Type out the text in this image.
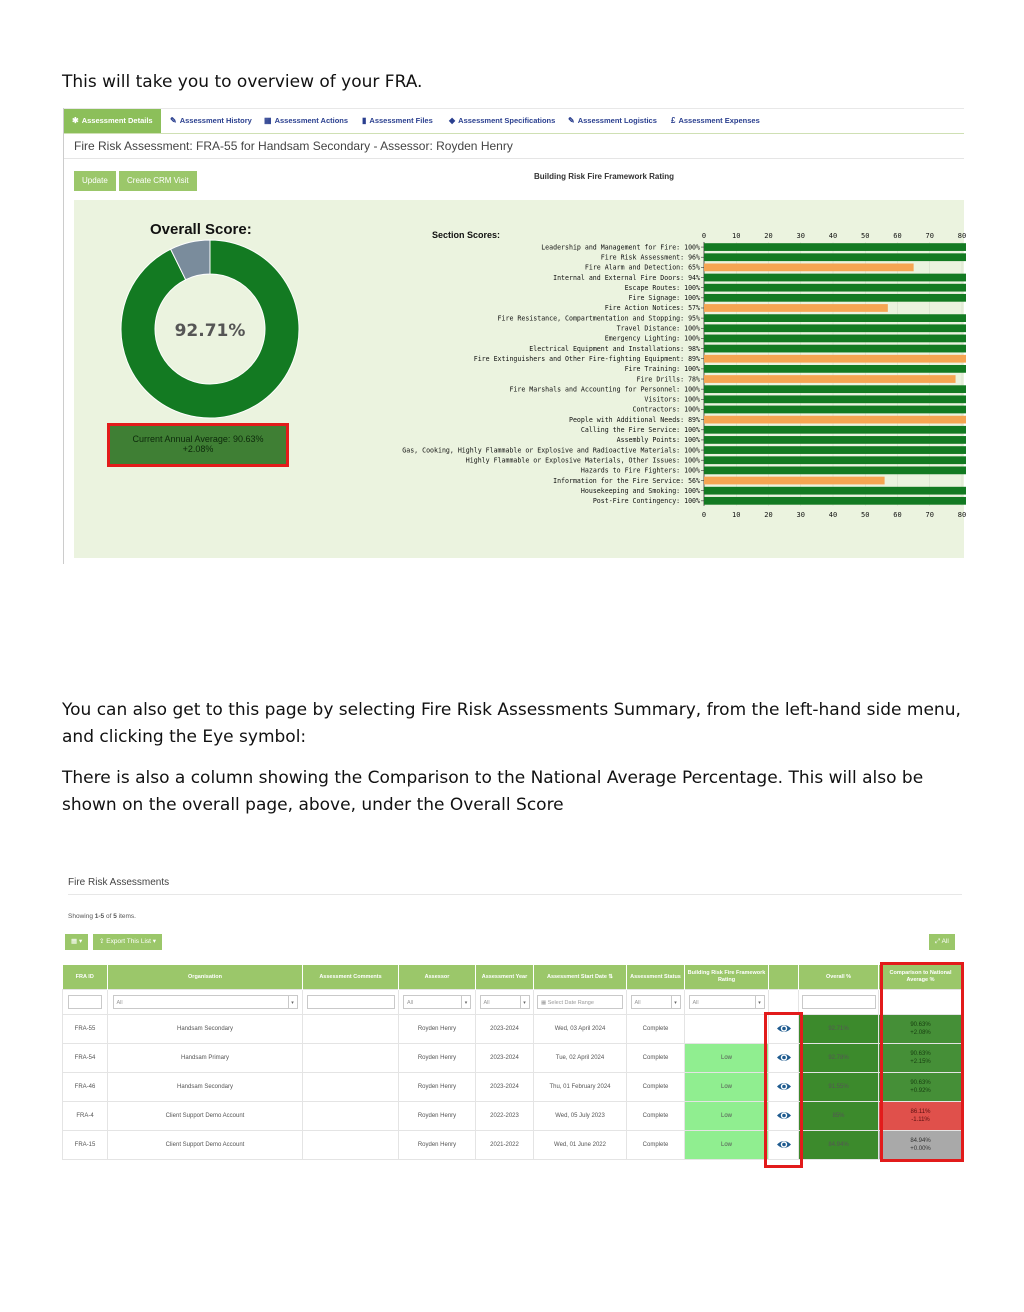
This will take you to overview of your FRA.

✱ Assessment Details	✎ Assessment History ▦ Assessment Actions ▮ Assessment Files ◆ Assessment Specifications ✎ Assessment Logistics £ Assessment Expenses
Fire Risk Assessment: FRA-55 for Handsam Secondary - Assessor: Royden Henry
Update	Create CRM Visit	Building Risk Fire Framework Rating
Overall Score:
92.71%
Current Annual Average: 90.63%
+2.08%
Section Scores:	0
0
10
10
20
20
30
30
40
40
50
50
60
60
70
70
80
80
Leadership and Management for Fire: 100%
Fire Risk Assessment: 96%
Fire Alarm and Detection: 65%
Internal and External Fire Doors: 94%
Escape Routes: 100%
Fire Signage: 100%
Fire Action Notices: 57%
Fire Resistance, Compartmentation and Stopping: 95%
Travel Distance: 100%
Emergency Lighting: 100%
Electrical Equipment and Installations: 98%
Fire Extinguishers and Other Fire-fighting Equipment: 89%
Fire Training: 100%
Fire Drills: 78%
Fire Marshals and Accounting for Personnel: 100%
Visitors: 100%
Contractors: 100%
People with Additional Needs: 89%
Calling the Fire Service: 100%
Assembly Points: 100%
Gas, Cooking, Highly Flammable or Explosive and Radioactive Materials: 100%
Highly Flammable or Explosive Materials, Other Issues: 100%
Hazards to Fire Fighters: 100%
Information for the Fire Service: 56%
Housekeeping and Smoking: 100%
Post-Fire Contingency: 100%

You can also get to this page by selecting Fire Risk Assessments Summary, from the left-hand side menu, and clicking the Eye symbol:

There is also a column showing the Comparison to the National Average Percentage. This will also be shown on the overall page, above, under the Overall Score

Fire Risk Assessments
Showing 1-5 of 5 items.
▦ ▾	⇪ Export This List ▾	⤢ All
FRA ID	Organisation	Assessment Comments	Assessor	Assessment Year	Assessment Start Date ⇅	Assessment Status	Building Risk Fire Framework Rating		Overall %	Comparison to National Average %

	All ▾		All ▾	All ▾	▦ Select Date Range	All ▾	All ▾			

FRA-55	Handsam Secondary		Royden Henry	2023-2024	Wed, 03 April 2024	Complete			92.71%	90.63%
+2.08%

FRA-54	Handsam Primary		Royden Henry	2023-2024	Tue, 02 April 2024	Complete	Low		92.78%	90.63%
+2.15%

FRA-46	Handsam Secondary		Royden Henry	2023-2024	Thu, 01 February 2024	Complete	Low		91.55%	90.63%
+0.92%

FRA-4	Client Support Demo Account		Royden Henry	2022-2023	Wed, 05 July 2023	Complete	Low		85%	86.11%
-1.11%

FRA-15	Client Support Demo Account		Royden Henry	2021-2022	Wed, 01 June 2022	Complete	Low		84.94%	84.94%
+0.00%
